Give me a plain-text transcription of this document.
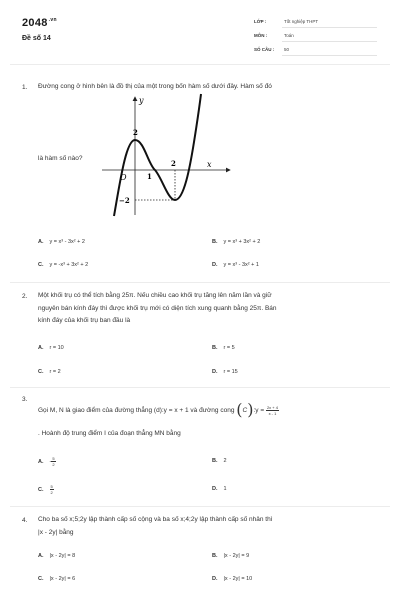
$2048^{.vn}$
Đề số 14
LỚP :	Tốt nghiệp THPT
MÔN :	Toán
SỐ CÂU : 50
1. Đường cong ở hình bên là đồ thị của một trong bốn hàm số dưới đây. Hàm số đó
là hàm số nào?
y
x
O	1
2
2
−2
A. y = x³ - 3x² + 2	B. y = x³ + 3x² + 2
C. y = -x³ + 3x² + 2	D. y = x³ - 3x² + 1
2. Một khối trụ có thể tích bằng 25π. Nếu chiều cao khối trụ tăng lên năm lần và giữ
nguyên bán kính đáy thì được khối trụ mới có diện tích xung quanh bằng 25π. Bán
kính đáy của khối trụ ban đầu là
A. r = 10	B. r = 5
C. r = 2	D. r = 15
3.
Gọi M, N là giao điểm của đường thẳng (d):y = x + 1 và đường cong (C):y = $\frac{2x + 4}{x - 1}$
. Hoành độ trung điểm I của đoạn thẳng MN bằng
A. - $\frac{5}{2}$	B. 2
C. $\frac{5}{2}$	D. 1
4. Cho ba số x;5;2y lập thành cấp số cộng và ba số x;4;2y lập thành cấp số nhân thì
|x - 2y| bằng
A. |x - 2y| = 8	B. |x - 2y| = 9
C. |x - 2y| = 6	D. |x - 2y| = 10
